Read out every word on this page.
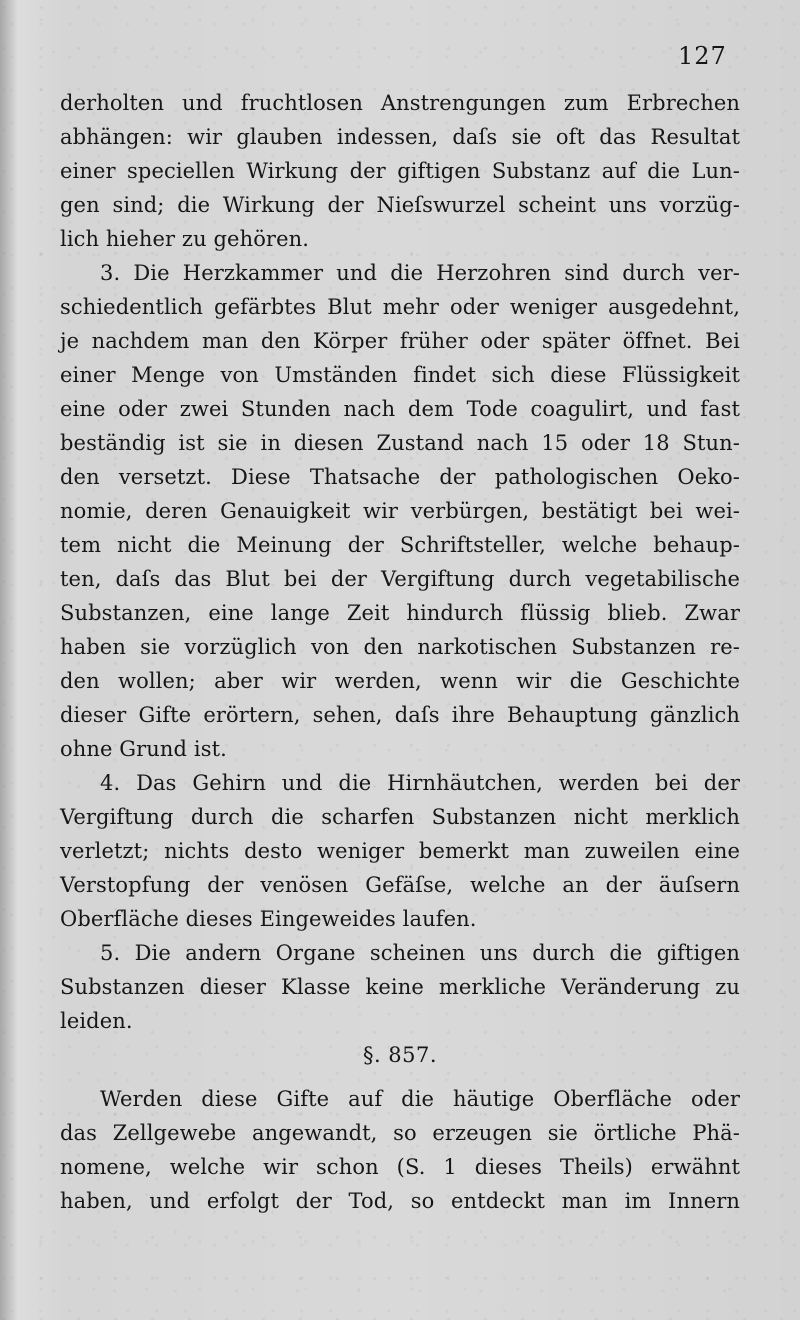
127
derholten und fruchtlosen Anstrengungen zum Erbrechen
abhängen: wir glauben indessen, daſs sie oft das Resultat
einer speciellen Wirkung der giftigen Substanz auf die Lun-
gen sind; die Wirkung der Nieſswurzel scheint uns vorzüg-
lich hieher zu gehören.
3. Die Herzkammer und die Herzohren sind durch ver-
schiedentlich gefärbtes Blut mehr oder weniger ausgedehnt,
je nachdem man den Körper früher oder später öffnet. Bei
einer Menge von Umständen findet sich diese Flüssigkeit
eine oder zwei Stunden nach dem Tode coagulirt, und fast
beständig ist sie in diesen Zustand nach 15 oder 18 Stun-
den versetzt. Diese Thatsache der pathologischen Oeko-
nomie, deren Genauigkeit wir verbürgen, bestätigt bei wei-
tem nicht die Meinung der Schriftsteller, welche behaup-
ten, daſs das Blut bei der Vergiftung durch vegetabilische
Substanzen, eine lange Zeit hindurch flüssig blieb. Zwar
haben sie vorzüglich von den narkotischen Substanzen re-
den wollen; aber wir werden, wenn wir die Geschichte
dieser Gifte erörtern, sehen, daſs ihre Behauptung gänzlich
ohne Grund ist.
4. Das Gehirn und die Hirnhäutchen, werden bei der
Vergiftung durch die scharfen Substanzen nicht merklich
verletzt; nichts desto weniger bemerkt man zuweilen eine
Verstopfung der venösen Gefäſse, welche an der äuſsern
Oberfläche dieses Eingeweides laufen.
5. Die andern Organe scheinen uns durch die giftigen
Substanzen dieser Klasse keine merkliche Veränderung zu
leiden.
§. 857.
Werden diese Gifte auf die häutige Oberfläche oder
das Zellgewebe angewandt, so erzeugen sie örtliche Phä-
nomene, welche wir schon (S. 1 dieses Theils) erwähnt
haben, und erfolgt der Tod, so entdeckt man im Innern
